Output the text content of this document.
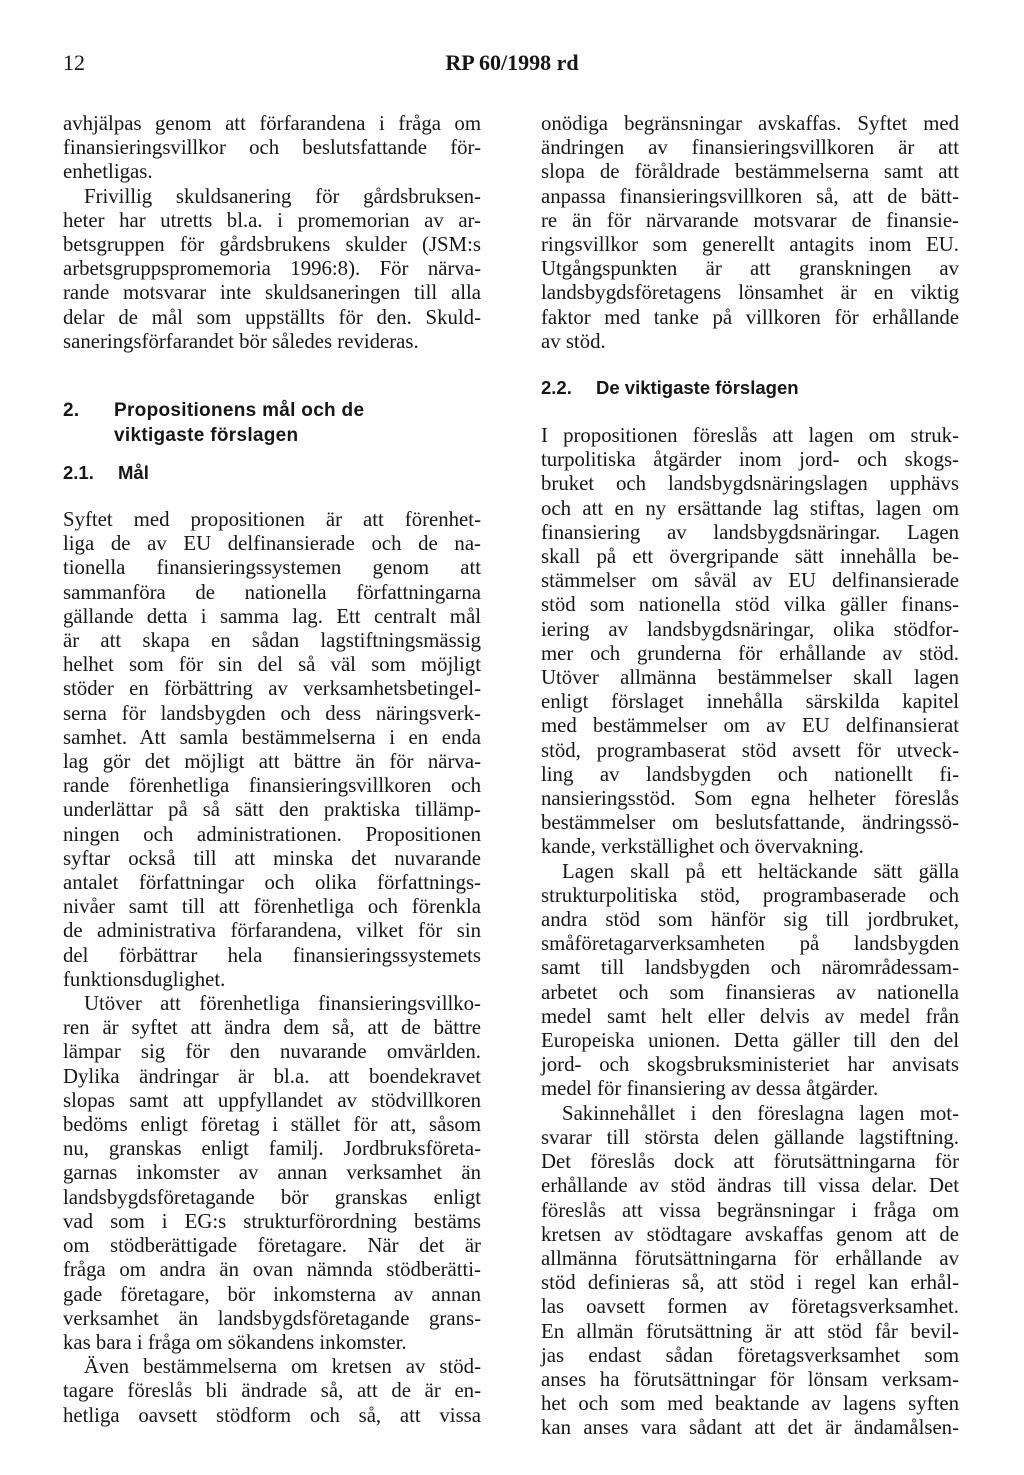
12	RP 60/1998 rd

avhjälpas genom att förfarandena i fråga om
finansieringsvillkor och beslutsfattande för-
enhetligas.

Frivillig skuldsanering för gårdsbruksen-
heter har utretts bl.a. i promemorian av ar-
betsgruppen för gårdsbrukens skulder (JSM:s
arbetsgruppspromemoria 1996:8). För närva-
rande motsvarar inte skuldsaneringen till alla
delar de mål som uppställts för den. Skuld-
saneringsförfarandet bör således revideras.

2. Propositionens mål och de
viktigaste förslagen
2.1. Mål

Syftet med propositionen är att förenhet-
liga de av EU delfinansierade och de na-
tionella finansieringssystemen genom att
sammanföra de nationella författningarna
gällande detta i samma lag. Ett centralt mål
är att skapa en sådan lagstiftningsmässig
helhet som för sin del så väl som möjligt
stöder en förbättring av verksamhetsbetingel-
serna för landsbygden och dess näringsverk-
samhet. Att samla bestämmelserna i en enda
lag gör det möjligt att bättre än för närva-
rande förenhetliga finansieringsvillkoren och
underlättar på så sätt den praktiska tillämp-
ningen och administrationen. Propositionen
syftar också till att minska det nuvarande
antalet författningar och olika författnings-
nivåer samt till att förenhetliga och förenkla
de administrativa förfarandena, vilket för sin
del förbättrar hela finansieringssystemets
funktionsduglighet.

Utöver att förenhetliga finansieringsvillko-
ren är syftet att ändra dem så, att de bättre
lämpar sig för den nuvarande omvärlden.
Dylika ändringar är bl.a. att boendekravet
slopas samt att uppfyllandet av stödvillkoren
bedöms enligt företag i stället för att, såsom
nu, granskas enligt familj. Jordbruksföreta-
garnas inkomster av annan verksamhet än
landsbygdsföretagande bör granskas enligt
vad som i EG:s strukturförordning bestäms
om stödberättigade företagare. När det är
fråga om andra än ovan nämnda stödberätti-
gade företagare, bör inkomsterna av annan
verksamhet än landsbygdsföretagande grans-
kas bara i fråga om sökandens inkomster.

Även bestämmelserna om kretsen av stöd-
tagare föreslås bli ändrade så, att de är en-
hetliga oavsett stödform och så, att vissa

onödiga begränsningar avskaffas. Syftet med
ändringen av finansieringsvillkoren är att
slopa de föråldrade bestämmelserna samt att
anpassa finansieringsvillkoren så, att de bätt-
re än för närvarande motsvarar de finansie-
ringsvillkor som generellt antagits inom EU.
Utgångspunkten är att granskningen av
landsbygdsföretagens lönsamhet är en viktig
faktor med tanke på villkoren för erhållande
av stöd.

2.2. De viktigaste förslagen

I propositionen föreslås att lagen om struk-
turpolitiska åtgärder inom jord- och skogs-
bruket och landsbygdsnäringslagen upphävs
och att en ny ersättande lag stiftas, lagen om
finansiering av landsbygdsnäringar. Lagen
skall på ett övergripande sätt innehålla be-
stämmelser om såväl av EU delfinansierade
stöd som nationella stöd vilka gäller finans-
iering av landsbygdsnäringar, olika stödfor-
mer och grunderna för erhållande av stöd.
Utöver allmänna bestämmelser skall lagen
enligt förslaget innehålla särskilda kapitel
med bestämmelser om av EU delfinansierat
stöd, programbaserat stöd avsett för utveck-
ling av landsbygden och nationellt fi-
nansieringsstöd. Som egna helheter föreslås
bestämmelser om beslutsfattande, ändringssö-
kande, verkställighet och övervakning.

Lagen skall på ett heltäckande sätt gälla
strukturpolitiska stöd, programbaserade och
andra stöd som hänför sig till jordbruket,
småföretagarverksamheten på landsbygden
samt till landsbygden och närområdessam-
arbetet och som finansieras av nationella
medel samt helt eller delvis av medel från
Europeiska unionen. Detta gäller till den del
jord- och skogsbruksministeriet har anvisats
medel för finansiering av dessa åtgärder.

Sakinnehållet i den föreslagna lagen mot-
svarar till största delen gällande lagstiftning.
Det föreslås dock att förutsättningarna för
erhållande av stöd ändras till vissa delar. Det
föreslås att vissa begränsningar i fråga om
kretsen av stödtagare avskaffas genom att de
allmänna förutsättningarna för erhållande av
stöd definieras så, att stöd i regel kan erhål-
las oavsett formen av företagsverksamhet.
En allmän förutsättning är att stöd får bevil-
jas endast sådan företagsverksamhet som
anses ha förutsättningar för lönsam verksam-
het och som med beaktande av lagens syften
kan anses vara sådant att det är ändamålsen-
